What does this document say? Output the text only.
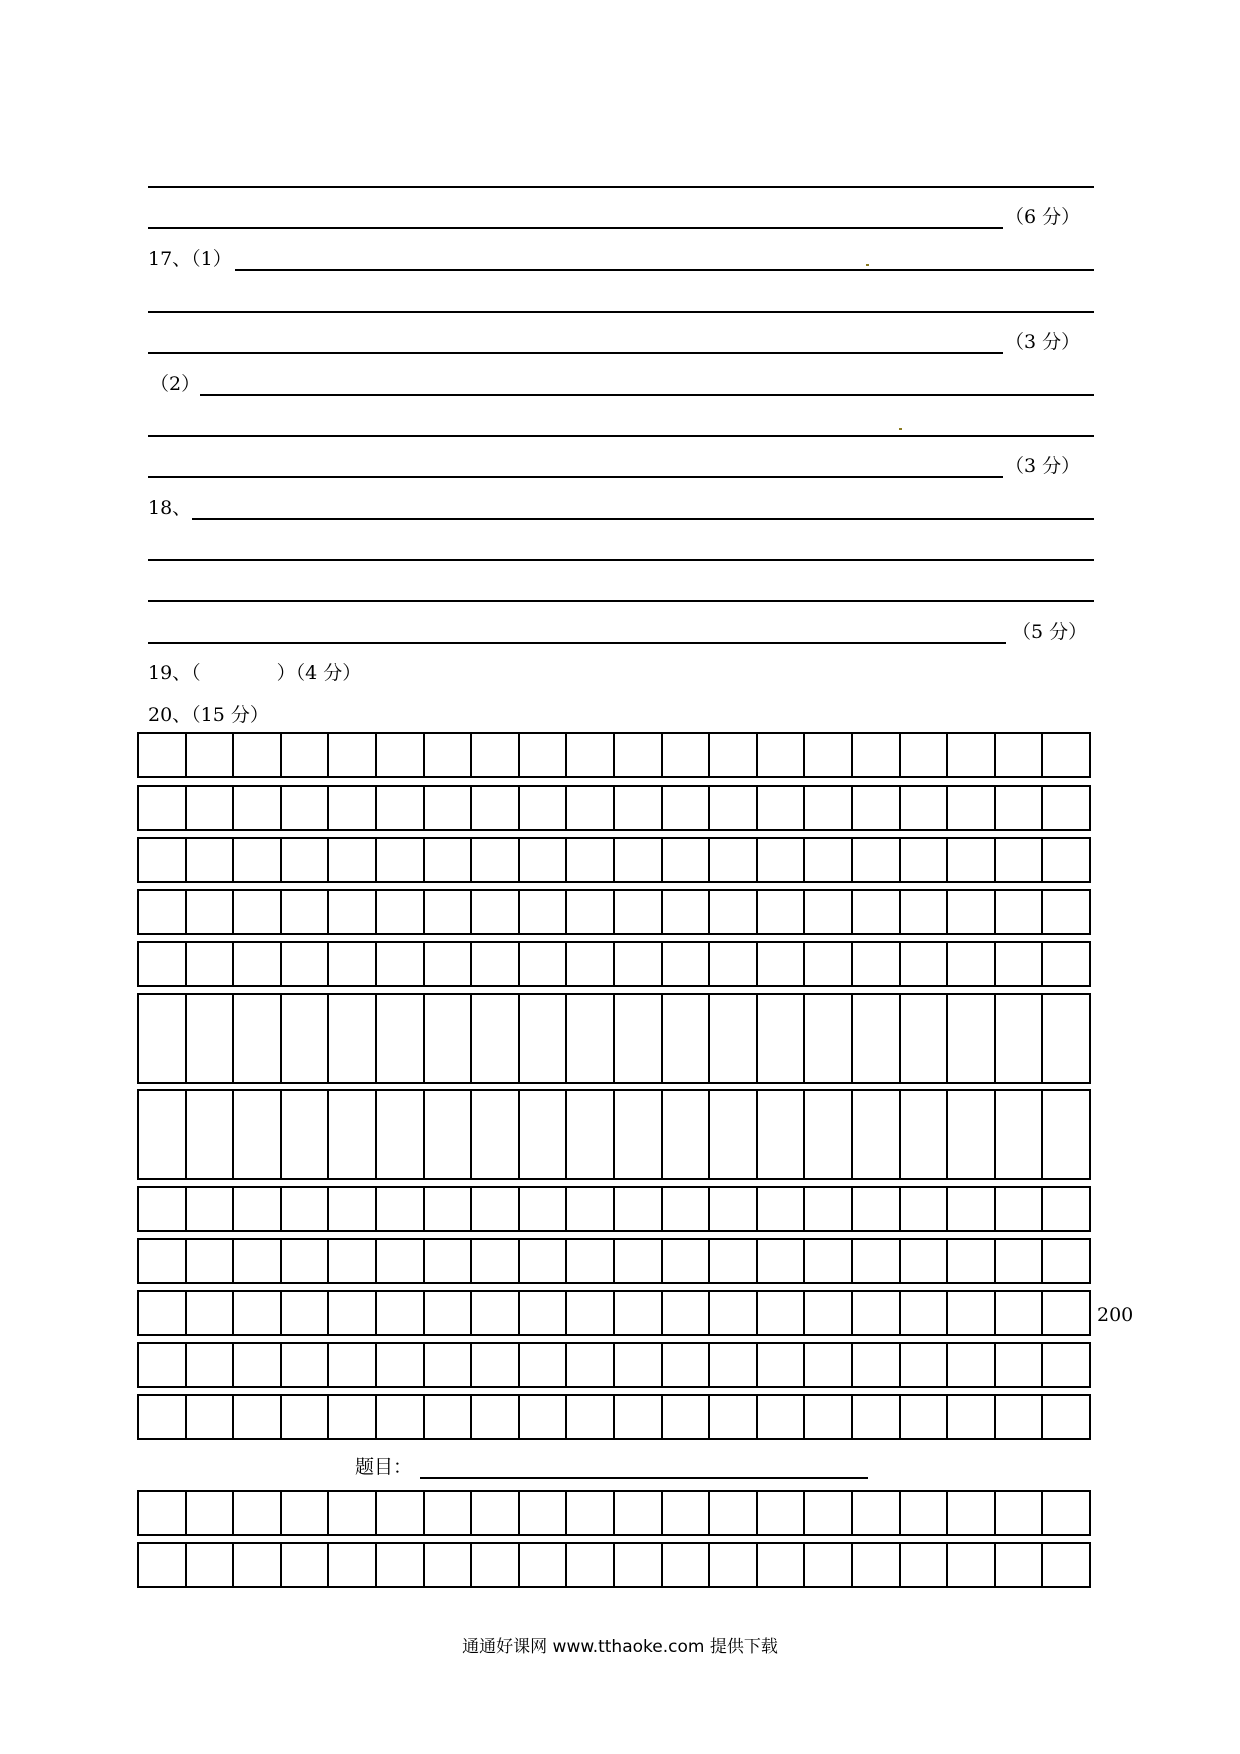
（6 分）
17、（1）
（3 分）
（2）
（3 分）
18、
（5 分）
19、（　　　　）（4 分）
20、（15 分）
200
题目：
通通好课网 www.tthaoke.com 提供下载
